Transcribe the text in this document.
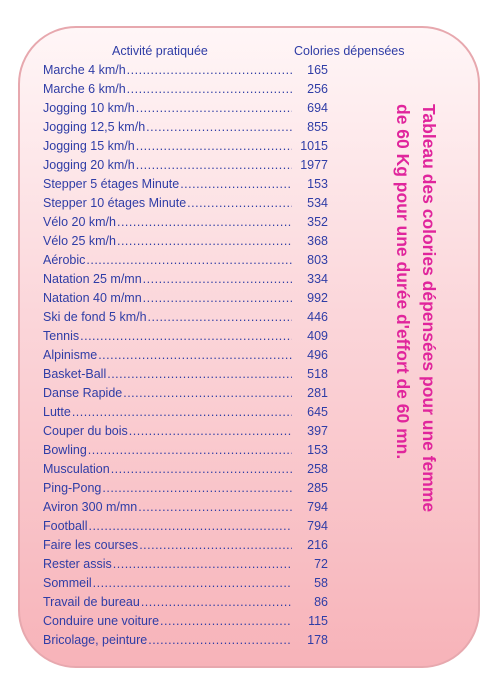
Activité pratiquée	Colories dépensées
Marche 4 km/h .....	165
Marche 6 km/h .....	256
Jogging 10 km/h .....	694
Jogging 12,5 km/h .....	855
Jogging 15 km/h .....	1015
Jogging 20 km/h .....	1977
Stepper 5 étages Minute .....	153
Stepper 10 étages Minute .....	534
Vélo 20 km/h .....	352
Vélo 25 km/h .....	368
Aérobic .....	803
Natation 25 m/mn .....	334
Natation 40 m/mn .....	992
Ski de fond 5 km/h .....	446
Tennis .....	409
Alpinisme .....	496
Basket-Ball .....	518
Danse Rapide .....	281
Lutte .....	645
Couper du bois .....	397
Bowling .....	153
Musculation .....	258
Ping-Pong .....	285
Aviron 300 m/mn .....	794
Football .....	794
Faire les courses .....	216
Rester assis .....	72
Sommeil .....	58
Travail de bureau .....	86
Conduire une voiture .....	115
Bricolage, peinture .....	178
Tableau des colories dépensées pour une femme
de 60 Kg pour une durée d'effort de 60 mn.
